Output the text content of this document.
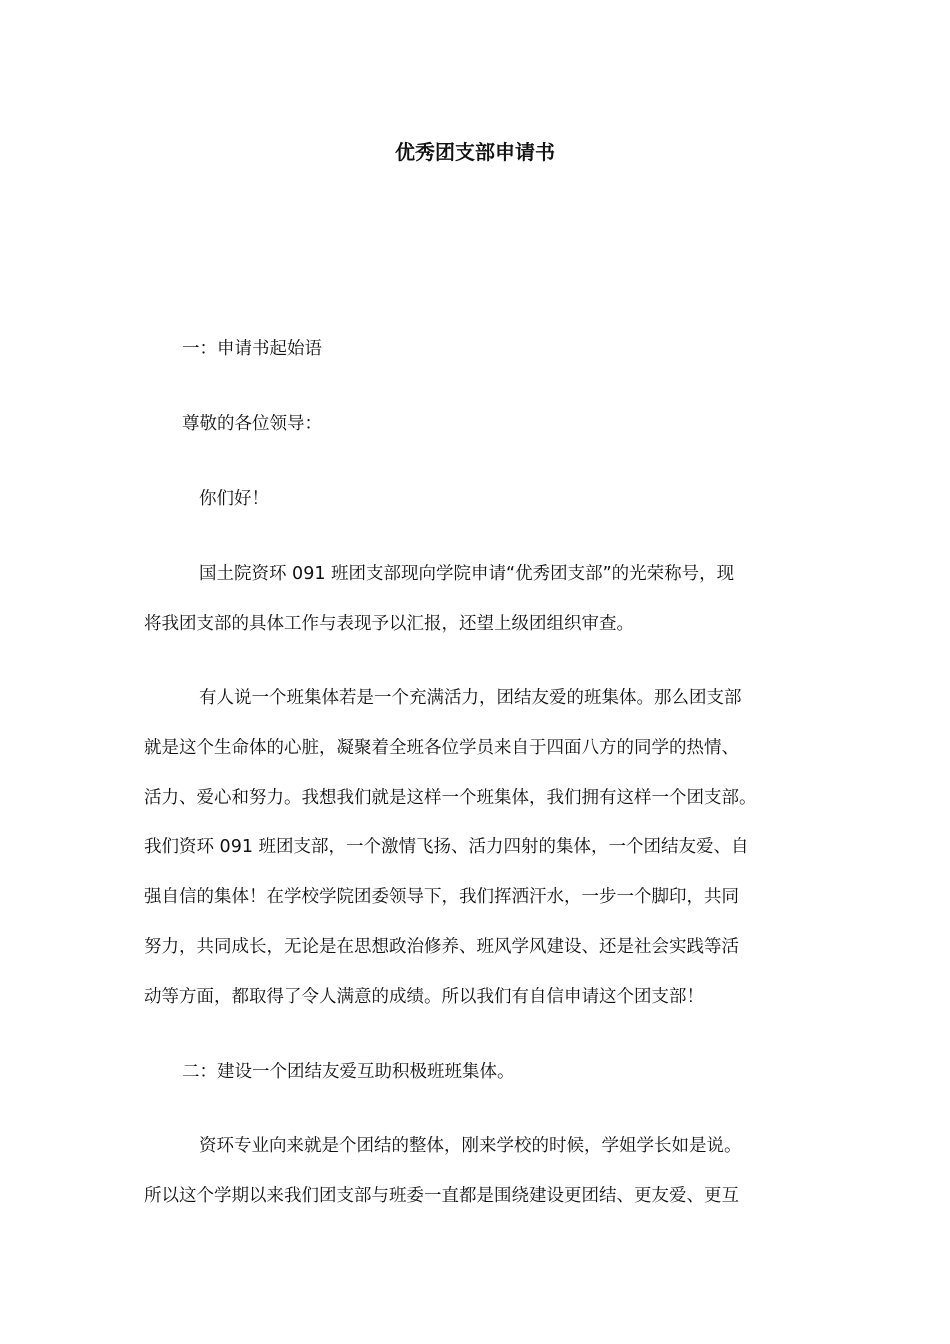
优秀团支部申请书
一：申请书起始语
尊敬的各位领导：
你们好！
国土院资环 091 班团支部现向学院申请“优秀团支部”的光荣称号，现
将我团支部的具体工作与表现予以汇报，还望上级团组织审查。
有人说一个班集体若是一个充满活力，团结友爱的班集体。那么团支部
就是这个生命体的心脏，凝聚着全班各位学员来自于四面八方的同学的热情、
活力、爱心和努力。我想我们就是这样一个班集体，我们拥有这样一个团支部。
我们资环 091 班团支部，一个激情飞扬、活力四射的集体，一个团结友爱、自
强自信的集体！在学校学院团委领导下，我们挥洒汗水，一步一个脚印，共同
努力，共同成长，无论是在思想政治修养、班风学风建设、还是社会实践等活
动等方面，都取得了令人满意的成绩。所以我们有自信申请这个团支部！
二：建设一个团结友爱互助积极班班集体。
资环专业向来就是个团结的整体，刚来学校的时候，学姐学长如是说。
所以这个学期以来我们团支部与班委一直都是围绕建设更团结、更友爱、更互
